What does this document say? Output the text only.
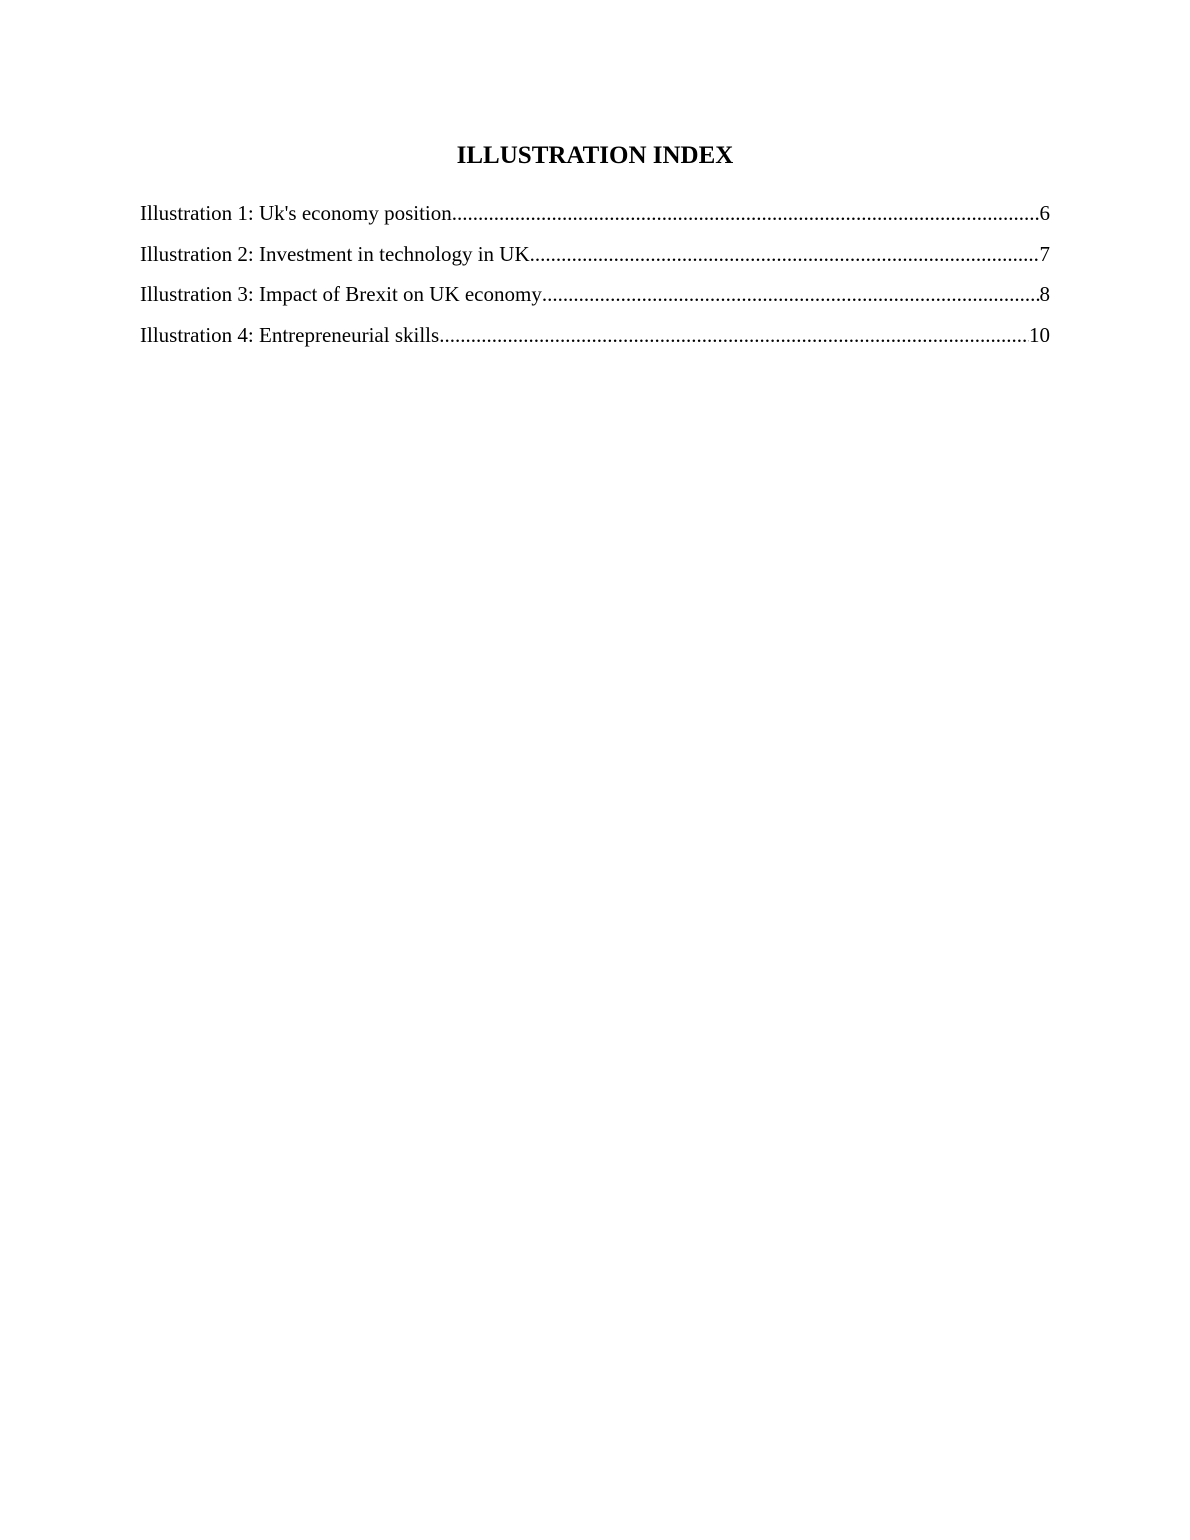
ILLUSTRATION INDEX
Illustration 1: Uk's economy position .....	6
Illustration 2: Investment in technology in UK .....	7
Illustration 3: Impact of Brexit on UK economy .....	8
Illustration 4: Entrepreneurial skills .....	10
